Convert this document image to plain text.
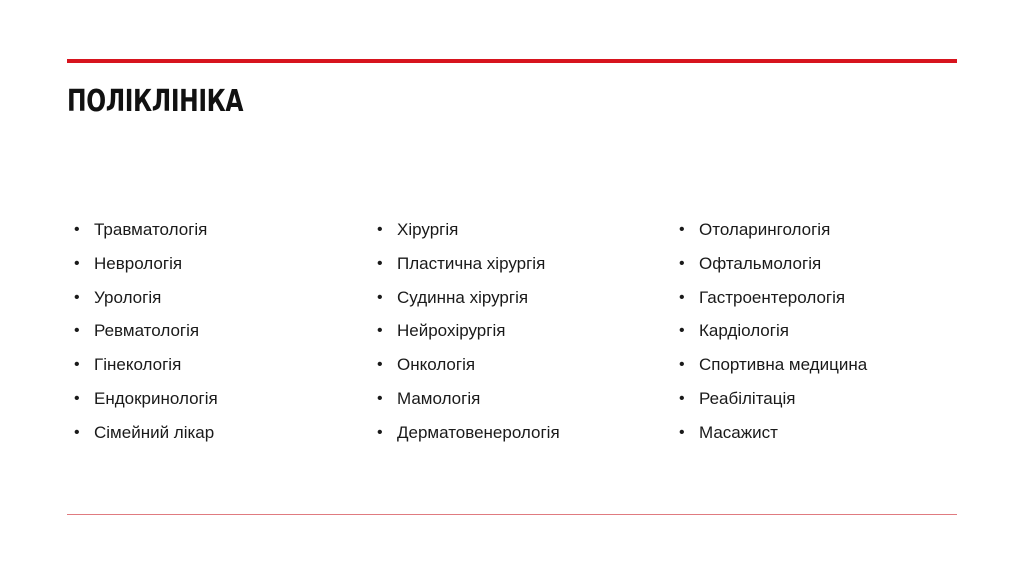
ПОЛІКЛІНІКА
• Травматологія
• Неврологія
• Урологія
• Ревматологія
• Гінекологія
• Ендокринологія
• Сімейний лікар
• Хірургія
• Пластична хірургія
• Судинна хірургія
• Нейрохірургія
• Онкологія
• Мамологія
• Дерматовенерологія
• Отоларингологія
• Офтальмологія
• Гастроентерологія
• Кардіологія
• Спортивна медицина
• Реабілітація
• Масажист
